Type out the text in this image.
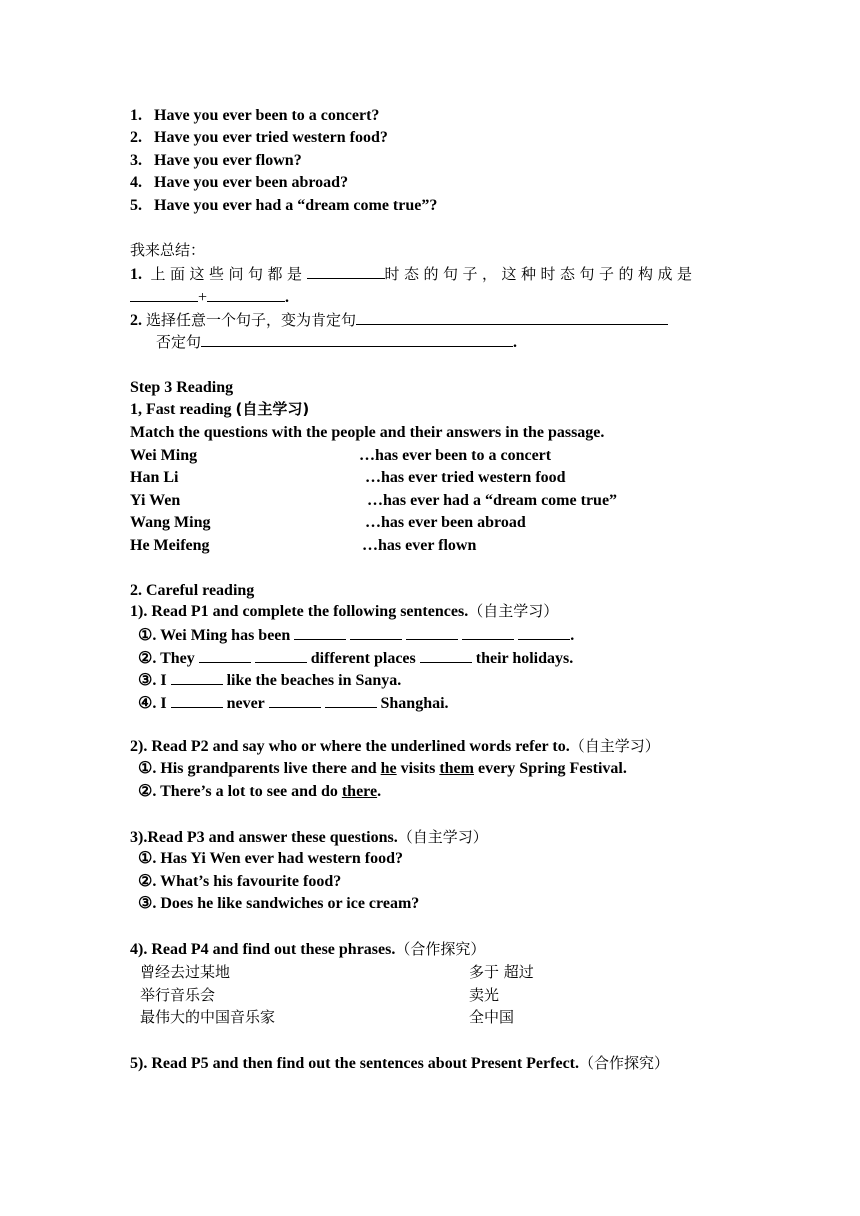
1. Have you ever been to a concert?
2. Have you ever tried western food?
3. Have you ever flown?
4. Have you ever been abroad?
5. Have you ever had a “dream come true”?
我来总结：
1. 上面这些问句都是	时态的句子，这种时态句子的构成是
+	.
2. 选择任意一个句子，变为肯定句
否定句	.
Step 3 Reading
1, Fast reading (自主学习)
Match the questions with the people and their answers in the passage.
Wei Ming	…has ever been to a concert
Han Li	…has ever tried western food
Yi Wen	…has ever had a “dream come true”
Wang Ming	…has ever been abroad
He Meifeng	…has ever flown
2. Careful reading
1). Read P1 and complete the following sentences.（自主学习）
①. Wei Ming has been	.
②. They	different places	their holidays.
③. I	like the beaches in Sanya.
④. I	never	Shanghai.
2). Read P2 and say who or where the underlined words refer to.（自主学习）
①. His grandparents live there and he visits them every Spring Festival.
②. There’s a lot to see and do there.
3).Read P3 and answer these questions.（自主学习）
①. Has Yi Wen ever had western food?
②. What’s his favourite food?
③. Does he like sandwiches or ice cream?
4). Read P4 and find out these phrases.（合作探究）
曾经去过某地	多于 超过
举行音乐会	卖光
最伟大的中国音乐家	全中国
5). Read P5 and then find out the sentences about Present Perfect.（合作探究）
